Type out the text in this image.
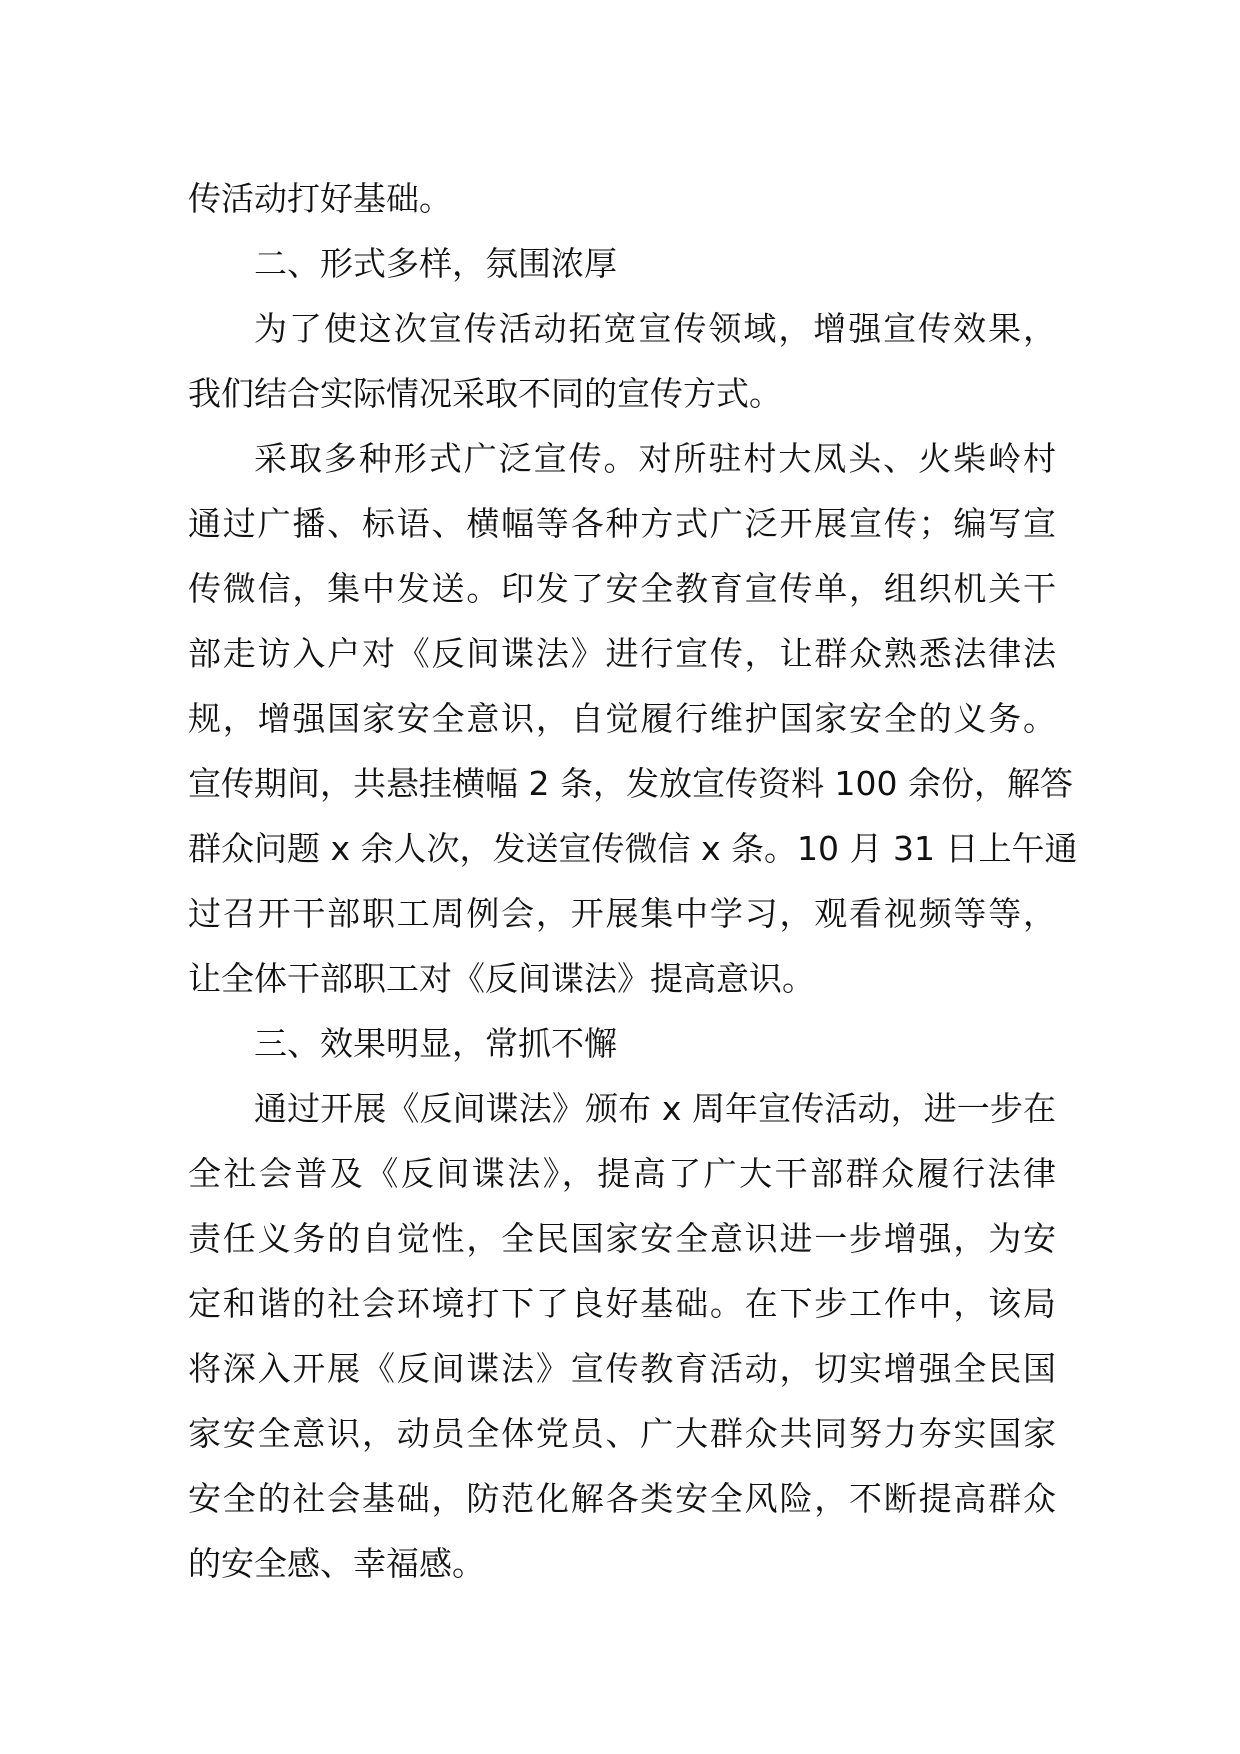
传活动打好基础。
二、形式多样，氛围浓厚
为了使这次宣传活动拓宽宣传领域，增强宣传效果，
我们结合实际情况采取不同的宣传方式。
采取多种形式广泛宣传。对所驻村大凤头、火柴岭村
通过广播、标语、横幅等各种方式广泛开展宣传；编写宣
传微信，集中发送。印发了安全教育宣传单，组织机关干
部走访入户对《反间谍法》进行宣传，让群众熟悉法律法
规，增强国家安全意识，自觉履行维护国家安全的义务。
宣传期间，共悬挂横幅 2 条，发放宣传资料 100 余份，解答
群众问题 x 余人次，发送宣传微信 x 条。10 月 31 日上午通
过召开干部职工周例会，开展集中学习，观看视频等等，
让全体干部职工对《反间谍法》提高意识。
三、效果明显，常抓不懈
通过开展《反间谍法》颁布 x 周年宣传活动，进一步在
全社会普及《反间谍法》，提高了广大干部群众履行法律
责任义务的自觉性，全民国家安全意识进一步增强，为安
定和谐的社会环境打下了良好基础。在下步工作中，该局
将深入开展《反间谍法》宣传教育活动，切实增强全民国
家安全意识，动员全体党员、广大群众共同努力夯实国家
安全的社会基础，防范化解各类安全风险，不断提高群众
的安全感、幸福感。
